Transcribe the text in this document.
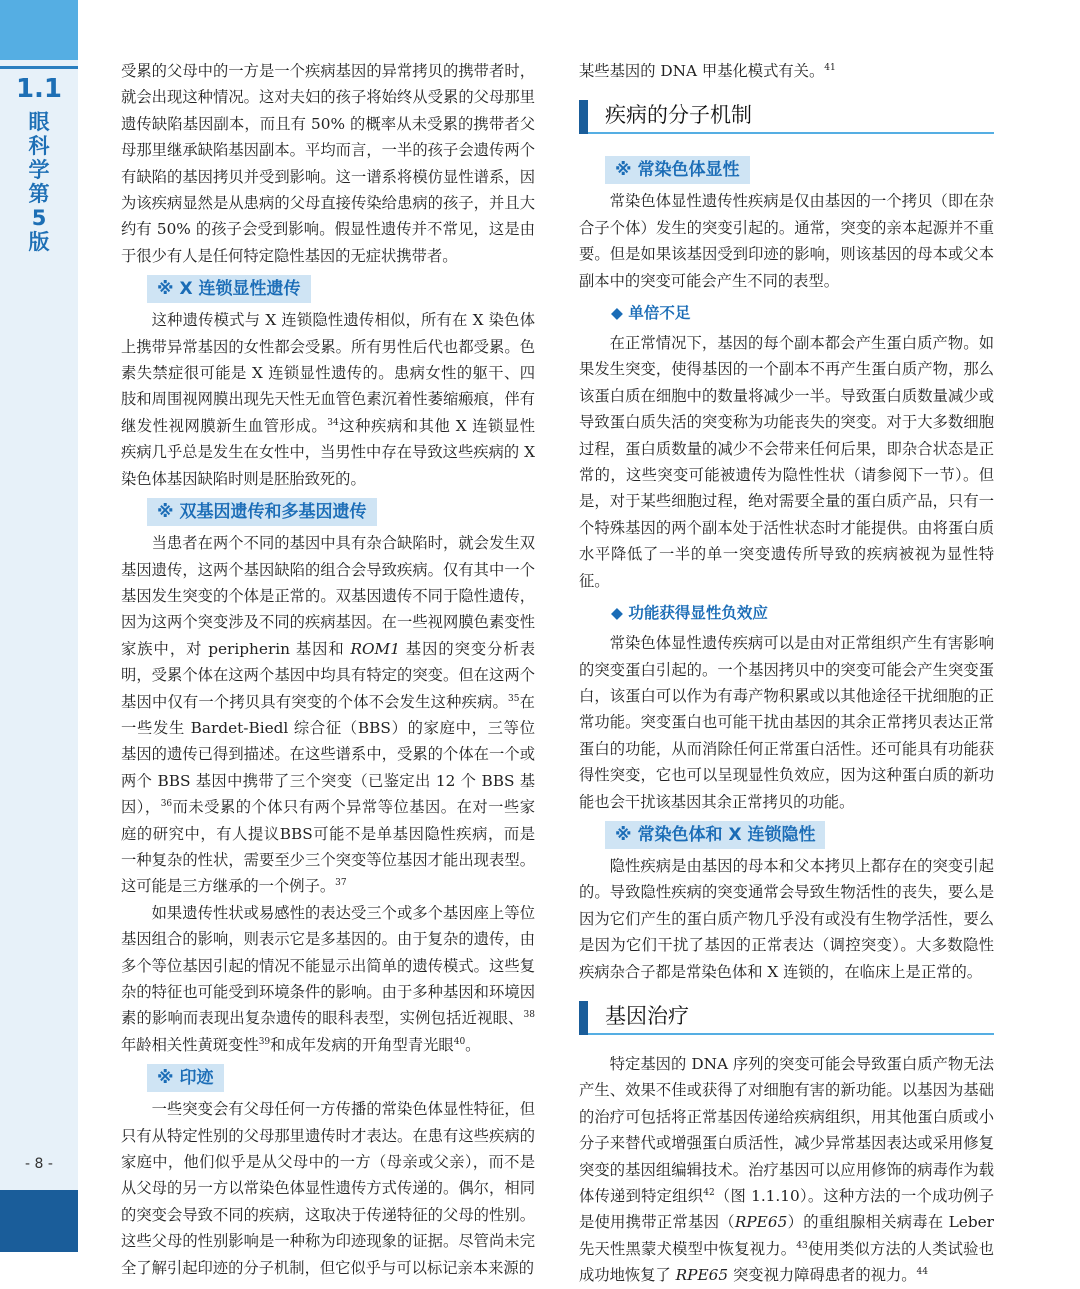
1.1
眼科学第5版
- 8 -

受累的父母中的一方是一个疾病基因的异常拷贝的携带者时，就会出现这种情况。这对夫妇的孩子将始终从受累的父母那里遗传缺陷基因副本，而且有 50% 的概率从未受累的携带者父母那里继承缺陷基因副本。平均而言，一半的孩子会遗传两个有缺陷的基因拷贝并受到影响。这一谱系将模仿显性谱系，因为该疾病显然是从患病的父母直接传染给患病的孩子，并且大约有 50% 的孩子会受到影响。假显性遗传并不常见，这是由于很少有人是任何特定隐性基因的无症状携带者。

※ X 连锁显性遗传

这种遗传模式与 X 连锁隐性遗传相似，所有在 X 染色体上携带异常基因的女性都会受累。所有男性后代也都受累。色素失禁症很可能是 X 连锁显性遗传的。患病女性的躯干、四肢和周围视网膜出现先天性无血管色素沉着性萎缩瘢痕，伴有继发性视网膜新生血管形成。$^{34}$这种疾病和其他 X 连锁显性疾病几乎总是发生在女性中，当男性中存在导致这些疾病的 X 染色体基因缺陷时则是胚胎致死的。

※ 双基因遗传和多基因遗传

当患者在两个不同的基因中具有杂合缺陷时，就会发生双基因遗传，这两个基因缺陷的组合会导致疾病。仅有其中一个基因发生突变的个体是正常的。双基因遗传不同于隐性遗传，因为这两个突变涉及不同的疾病基因。在一些视网膜色素变性家族中，对 peripherin 基因和 ROM1 基因的突变分析表明，受累个体在这两个基因中均具有特定的突变。但在这两个基因中仅有一个拷贝具有突变的个体不会发生这种疾病。$^{35}$在一些发生 Bardet-Biedl 综合征（BBS）的家庭中，三等位基因的遗传已得到描述。在这些谱系中，受累的个体在一个或两个 BBS 基因中携带了三个突变（已鉴定出 12 个 BBS 基因），$^{36}$而未受累的个体只有两个异常等位基因。在对一些家庭的研究中，有人提议BBS可能不是单基因隐性疾病，而是一种复杂的性状，需要至少三个突变等位基因才能出现表型。这可能是三方继承的一个例子。$^{37}$

如果遗传性状或易感性的表达受三个或多个基因座上等位基因组合的影响，则表示它是多基因的。由于复杂的遗传，由多个等位基因引起的情况不能显示出简单的遗传模式。这些复杂的特征也可能受到环境条件的影响。由于多种基因和环境因素的影响而表现出复杂遗传的眼科表型，实例包括近视眼、$^{38}$年龄相关性黄斑变性$^{39}$和成年发病的开角型青光眼$^{40}$。

※ 印迹

一些突变会有父母任何一方传播的常染色体显性特征，但只有从特定性别的父母那里遗传时才表达。在患有这些疾病的家庭中，他们似乎是从父母中的一方（母亲或父亲），而不是从父母的另一方以常染色体显性遗传方式传递的。偶尔，相同的突变会导致不同的疾病，这取决于传递特征的父母的性别。这些父母的性别影响是一种称为印迹现象的证据。尽管尚未完全了解引起印迹的分子机制，但它似乎与可以标记亲本来源的

某些基因的 DNA 甲基化模式有关。$^{41}$

疾病的分子机制
※ 常染色体显性

常染色体显性遗传性疾病是仅由基因的一个拷贝（即在杂合子个体）发生的突变引起的。通常，突变的亲本起源并不重要。但是如果该基因受到印迹的影响，则该基因的母本或父本副本中的突变可能会产生不同的表型。

◆ 单倍不足

在正常情况下，基因的每个副本都会产生蛋白质产物。如果发生突变，使得基因的一个副本不再产生蛋白质产物，那么该蛋白质在细胞中的数量将减少一半。导致蛋白质数量减少或导致蛋白质失活的突变称为功能丧失的突变。对于大多数细胞过程，蛋白质数量的减少不会带来任何后果，即杂合状态是正常的，这些突变可能被遗传为隐性性状（请参阅下一节）。但是，对于某些细胞过程，绝对需要全量的蛋白质产品，只有一个特殊基因的两个副本处于活性状态时才能提供。由将蛋白质水平降低了一半的单一突变遗传所导致的疾病被视为显性特征。

◆ 功能获得显性负效应

常染色体显性遗传疾病可以是由对正常组织产生有害影响的突变蛋白引起的。一个基因拷贝中的突变可能会产生突变蛋白，该蛋白可以作为有毒产物积累或以其他途径干扰细胞的正常功能。突变蛋白也可能干扰由基因的其余正常拷贝表达正常蛋白的功能，从而消除任何正常蛋白活性。还可能具有功能获得性突变，它也可以呈现显性负效应，因为这种蛋白质的新功能也会干扰该基因其余正常拷贝的功能。

※ 常染色体和 X 连锁隐性

隐性疾病是由基因的母本和父本拷贝上都存在的突变引起的。导致隐性疾病的突变通常会导致生物活性的丧失，要么是因为它们产生的蛋白质产物几乎没有或没有生物学活性，要么是因为它们干扰了基因的正常表达（调控突变）。大多数隐性疾病杂合子都是常染色体和 X 连锁的，在临床上是正常的。

基因治疗

特定基因的 DNA 序列的突变可能会导致蛋白质产物无法产生、效果不佳或获得了对细胞有害的新功能。以基因为基础的治疗可包括将正常基因传递给疾病组织，用其他蛋白质或小分子来替代或增强蛋白质活性，减少异常基因表达或采用修复突变的基因组编辑技术。治疗基因可以应用修饰的病毒作为载体传递到特定组织$^{42}$（图 1.1.10）。这种方法的一个成功例子是使用携带正常基因（RPE65）的重组腺相关病毒在 Leber 先天性黑蒙犬模型中恢复视力。$^{43}$使用类似方法的人类试验也成功地恢复了 RPE65 突变视力障碍患者的视力。$^{44}$
